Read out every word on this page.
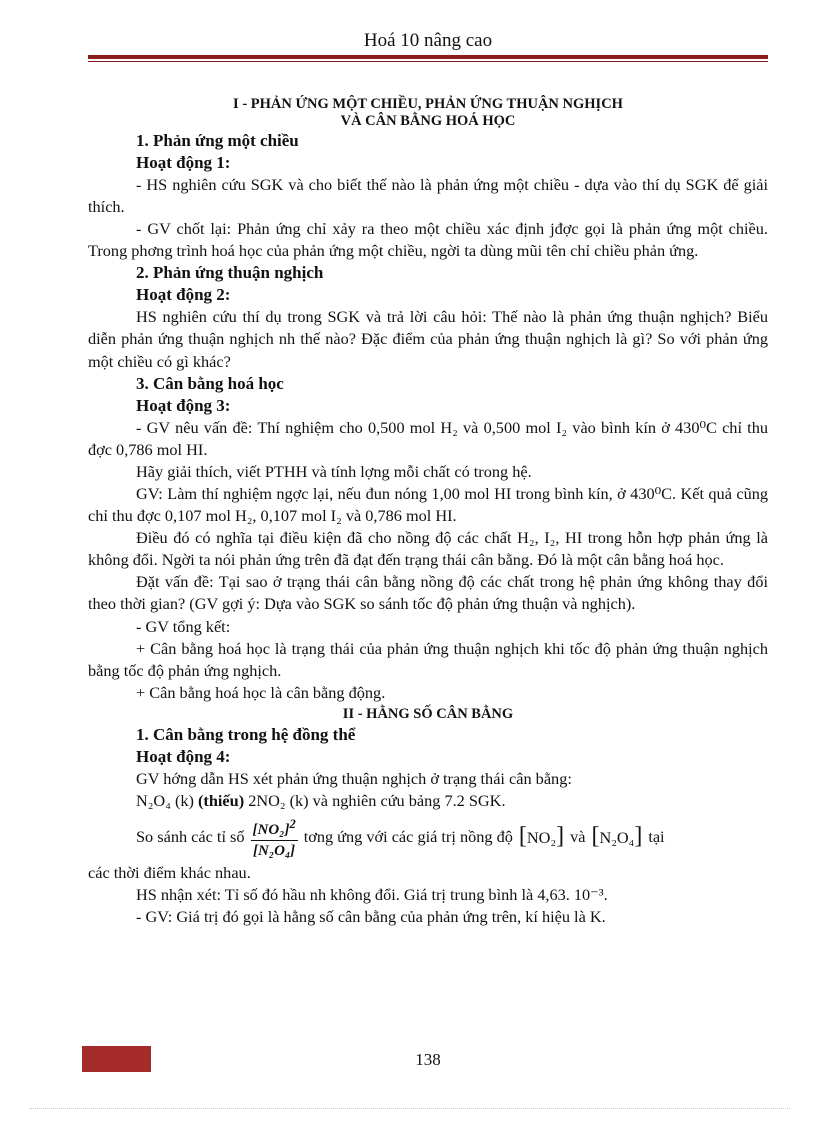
Hoá 10 nâng cao
I - PHẢN ỨNG MỘT CHIỀU, PHẢN ỨNG THUẬN NGHỊCH
VÀ CÂN BẰNG HOÁ HỌC
1. Phản ứng một chiều
Hoạt động 1:

- HS nghiên cứu SGK và cho biết thế nào là phản ứng một chiều - dựa vào thí dụ SGK để giải thích.

- GV chốt lại: Phản ứng chỉ xảy ra theo một chiều xác định jđợc gọi là phản ứng một chiều. Trong phơng trình hoá học của phản ứng một chiều, ngời ta dùng mũi tên chỉ chiều phản ứng.

2. Phản ứng thuận nghịch
Hoạt động 2:

HS nghiên cứu thí dụ trong SGK và trả lời câu hỏi: Thế nào là phản ứng thuận nghịch? Biểu diễn phản ứng thuận nghịch nh thế nào? Đặc điểm của phản ứng thuận nghịch là gì? So với phản ứng một chiều có gì khác?

3. Cân bằng hoá học
Hoạt động 3:

- GV nêu vấn đề: Thí nghiệm cho 0,500 mol H₂ và 0,500 mol I₂ vào bình kín ở 430⁰C chỉ thu đợc 0,786 mol HI.

Hãy giải thích, viết PTHH và tính lợng mỗi chất có trong hệ.

GV: Làm thí nghiệm ngợc lại, nếu đun nóng 1,00 mol HI trong bình kín, ở 430⁰C. Kết quả cũng chỉ thu đợc 0,107 mol H₂, 0,107 mol I₂ và 0,786 mol HI.

Điều đó có nghĩa tại điều kiện đã cho nồng độ các chất H₂, I₂, HI trong hỗn hợp phản ứng là không đổi. Ngời ta nói phản ứng trên đã đạt đến trạng thái cân bằng. Đó là một cân bằng hoá học.

Đặt vấn đề: Tại sao ở trạng thái cân bằng nồng độ các chất trong hệ phản ứng không thay đổi theo thời gian? (GV gợi ý: Dựa vào SGK so sánh tốc độ phản ứng thuận và nghịch).

- GV tổng kết:

+ Cân bằng hoá học là trạng thái của phản ứng thuận nghịch khi tốc độ phản ứng thuận nghịch bằng tốc độ phản ứng nghịch.

+ Cân bằng hoá học là cân bằng động.

II - HẰNG SỐ CÂN BẰNG
1. Cân bằng trong hệ đồng thể
Hoạt động 4:

GV hớng dẫn HS xét phản ứng thuận nghịch ở trạng thái cân bằng:

N₂O₄ (k) (thiếu) 2NO₂ (k) và nghiên cứu bảng 7.2 SGK.

So sánh các tỉ số $\frac{[NO_2]^2}{\text{[N₂O₄]}}$ tơng ứng với các giá trị nồng độ [NO₂] và [N₂O₄] tại

các thời điểm khác nhau.

HS nhận xét: Tỉ số đó hầu nh không đổi. Giá trị trung bình là 4,63. 10⁻³.

- GV: Giá trị đó gọi là hằng số cân bằng của phản ứng trên, kí hiệu là K.

138
